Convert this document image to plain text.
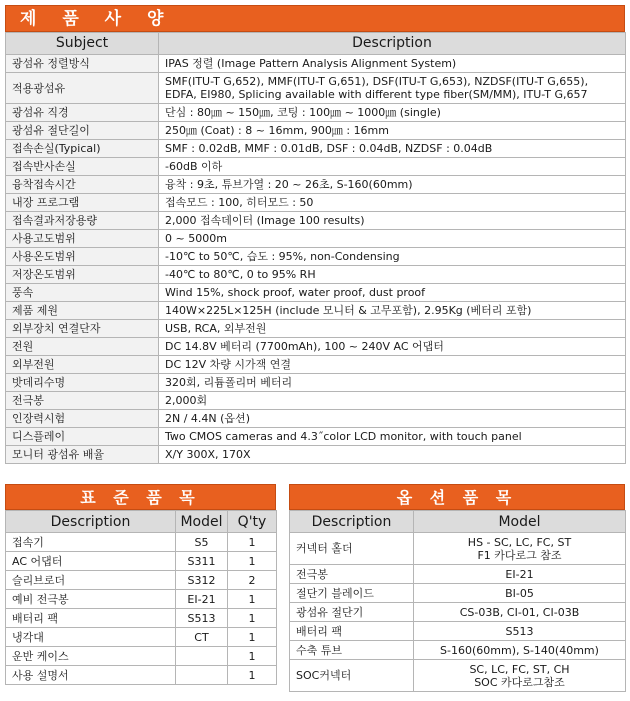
제 품 사 양
Subject	Description
광섬유 정렬방식	IPAS 정렬 (Image Pattern Analysis Alignment System)

적용광섬유	SMF(ITU-T G,652), MMF(ITU-T G,651), DSF(ITU-T G,653), NZDSF(ITU-T G,655),
EDFA, EI980, Splicing available with different type fiber(SM/MM), ITU-T G,657

광섬유 직경	단심 : 80㎛ ~ 150㎛, 코팅 : 100㎛ ~ 1000㎛ (single)

광섬유 절단길이	250㎛ (Coat) : 8 ~ 16mm, 900㎛ : 16mm

접속손실(Typical)	SMF : 0.02dB, MMF : 0.01dB, DSF : 0.04dB, NZDSF : 0.04dB

접속반사손실	-60dB 이하

융착접속시간	융착 : 9초, 튜브가열 : 20 ~ 26초, S-160(60mm)

내장 프로그램	접속모드 : 100, 히터모드 : 50

접속결과저장용량	2,000 접속데이터 (Image 100 results)

사용고도범위	0 ~ 5000m

사용온도범위	-10℃ to 50℃, 습도 : 95%, non-Condensing

저장온도범위	-40℃ to 80℃, 0 to 95% RH

풍속	Wind 15%, shock proof, water proof, dust proof

제품 제원	140W×225L×125H (include 모니터 & 고무포함), 2.95Kg (베터리 포함)

외부장치 연결단자	USB, RCA, 외부전원

전원	DC 14.8V 베터리 (7700mAh), 100 ~ 240V AC 어댑터

외부전원	DC 12V 차량 시가잭 연결

밧데리수명	320회, 리튬폴리머 베터리

전극봉	2,000회

인장력시험	2N / 4.4N (옵션)

디스플레이	Two CMOS cameras and 4.3˝color LCD monitor, with touch panel

모니터 광섬유 배율	X/Y 300X, 170X
표 준 품 목
Description	Model	Q'ty
접속기	S5	1
AC 어댑터	S311	1
슬리브로더	S312	2
예비 전극봉	EI-21	1
배터리 팩	S513	1
냉각대	CT	1
운반 케이스		1
사용 설명서		1
옵 션 품 목
Description	Model
커넥터 홀더	HS - SC, LC, FC, ST
F1 카다로그 참조

전극봉	EI-21

절단기 블레이드	BI-05

광섬유 절단기	CS-03B, CI-01, CI-03B

배터리 팩	S513

수축 튜브	S-160(60mm), S-140(40mm)

SOC커넥터	SC, LC, FC, ST, CH
SOC 카다로그참조
